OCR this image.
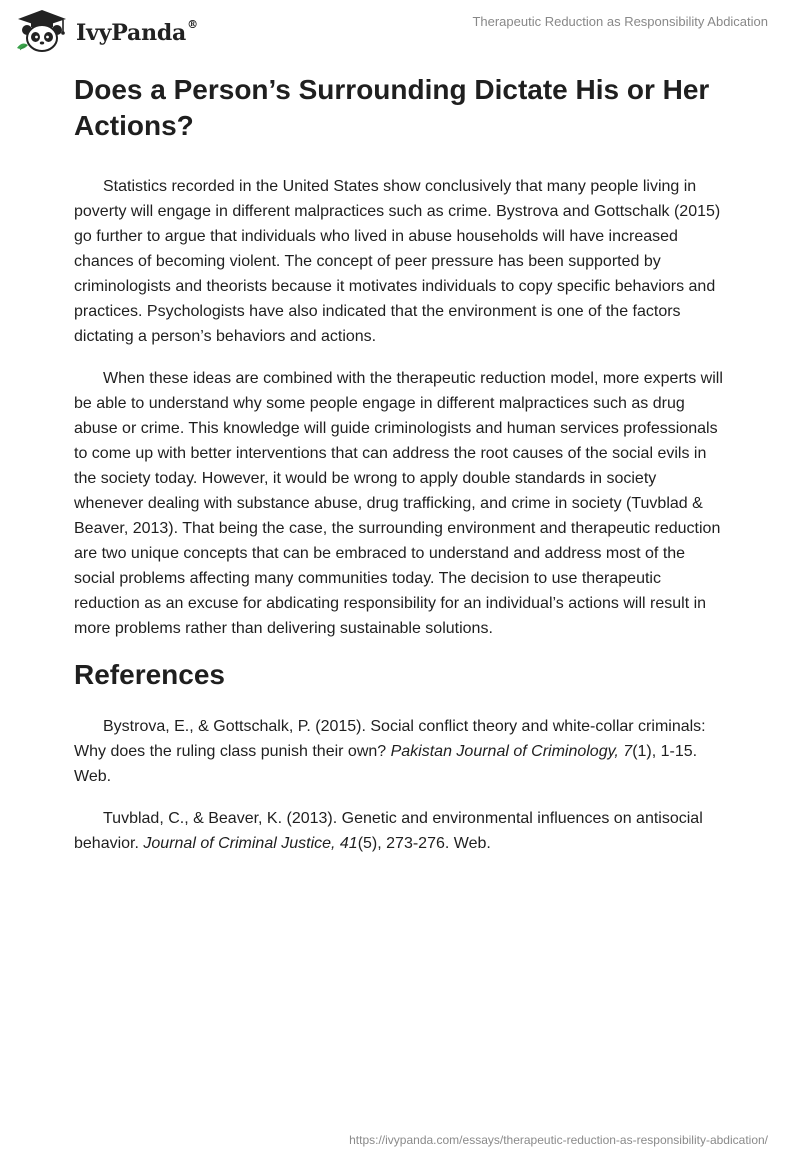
IvyPanda®	Therapeutic Reduction as Responsibility Abdication
Does a Person’s Surrounding Dictate His or Her Actions?

Statistics recorded in the United States show conclusively that many people living in poverty will engage in different malpractices such as crime. Bystrova and Gottschalk (2015) go further to argue that individuals who lived in abuse households will have increased chances of becoming violent. The concept of peer pressure has been supported by criminologists and theorists because it motivates individuals to copy specific behaviors and practices. Psychologists have also indicated that the environment is one of the factors dictating a person’s behaviors and actions.

When these ideas are combined with the therapeutic reduction model, more experts will be able to understand why some people engage in different malpractices such as drug abuse or crime. This knowledge will guide criminologists and human services professionals to come up with better interventions that can address the root causes of the social evils in the society today. However, it would be wrong to apply double standards in society whenever dealing with substance abuse, drug trafficking, and crime in society (Tuvblad & Beaver, 2013). That being the case, the surrounding environment and therapeutic reduction are two unique concepts that can be embraced to understand and address most of the social problems affecting many communities today. The decision to use therapeutic reduction as an excuse for abdicating responsibility for an individual’s actions will result in more problems rather than delivering sustainable solutions.

References
Bystrova, E., & Gottschalk, P. (2015). Social conflict theory and white-collar criminals: Why does the ruling class punish their own? Pakistan Journal of Criminology, 7(1), 1-15. Web.
Tuvblad, C., & Beaver, K. (2013). Genetic and environmental influences on antisocial behavior. Journal of Criminal Justice, 41(5), 273-276. Web.
https://ivypanda.com/essays/therapeutic-reduction-as-responsibility-abdication/
